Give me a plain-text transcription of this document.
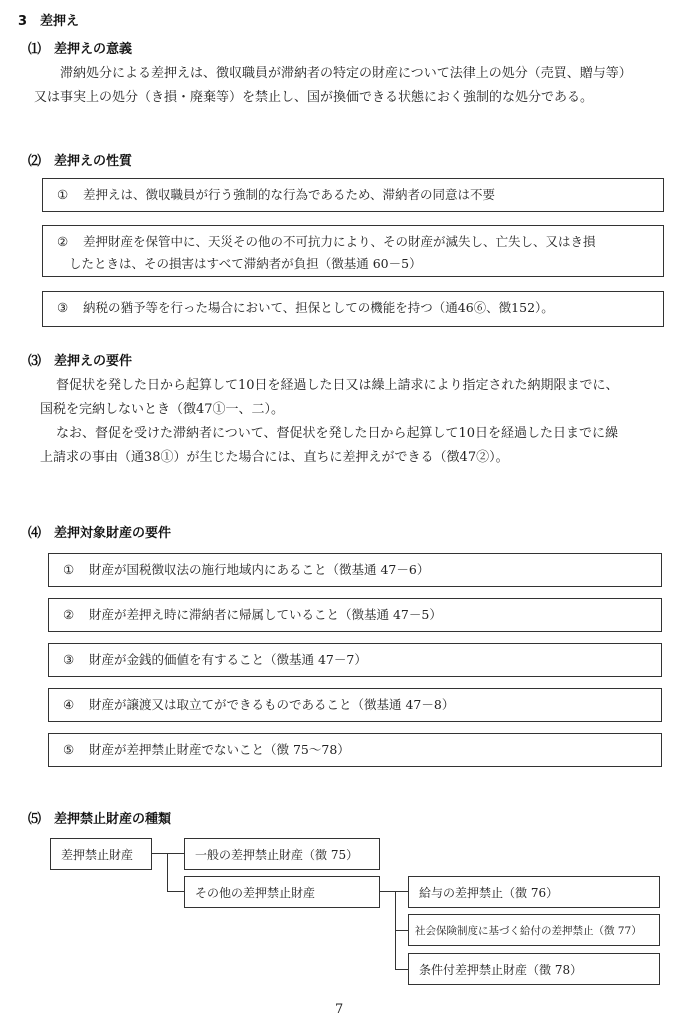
3 差押え
⑴ 差押えの意義
滞納処分による差押えは、徴収職員が滞納者の特定の財産について法律上の処分（売買、贈与等）
又は事実上の処分（き損・廃棄等）を禁止し、国が換価できる状態におく強制的な処分である。
⑵ 差押えの性質
① 差押えは、徴収職員が行う強制的な行為であるため、滞納者の同意は不要
② 差押財産を保管中に、天災その他の不可抗力により、その財産が滅失し、亡失し、又はき損
したときは、その損害はすべて滞納者が負担（徴基通 60－5）
③ 納税の猶予等を行った場合において、担保としての機能を持つ（通46⑥、徴152）。
⑶ 差押えの要件
督促状を発した日から起算して10日を経過した日又は繰上請求により指定された納期限までに、
国税を完納しないとき（徴47①一、二）。
なお、督促を受けた滞納者について、督促状を発した日から起算して10日を経過した日までに繰
上請求の事由（通38①）が生じた場合には、直ちに差押えができる（徴47②）。
⑷ 差押対象財産の要件
① 財産が国税徴収法の施行地域内にあること（徴基通 47－6）
② 財産が差押え時に滞納者に帰属していること（徴基通 47－5）
③ 財産が金銭的価値を有すること（徴基通 47－7）
④ 財産が譲渡又は取立てができるものであること（徴基通 47－8）
⑤ 財産が差押禁止財産でないこと（徴 75～78）
⑸ 差押禁止財産の種類
差押禁止財産	一般の差押禁止財産（徴 75）
その他の差押禁止財産	給与の差押禁止（徴 76）
社会保険制度に基づく給付の差押禁止（徴 77）
条件付差押禁止財産（徴 78）
7
